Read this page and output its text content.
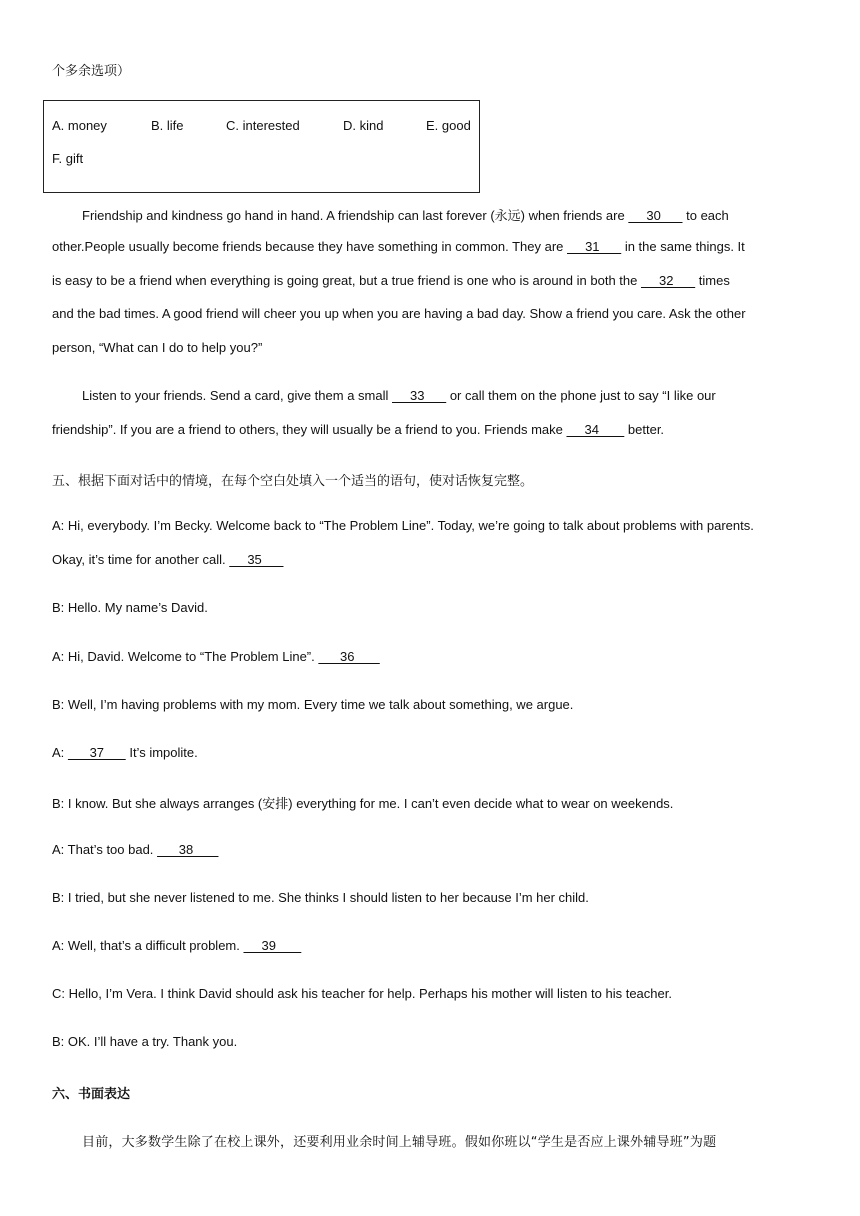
个多余选项）
A. money	B. life	C. interested	D. kind	E. good
F. gift
Friendship and kindness go hand in hand. A friendship can last forever (永远) when friends are      30       to each
other.People usually become friends because they have something in common. They are      31       in the same things. It
is easy to be a friend when everything is going great, but a true friend is one who is around in both the      32       times
and the bad times. A good friend will cheer you up when you are having a bad day. Show a friend you care. Ask the other
person, “What can I do to help you?”
Listen to your friends. Send a card, give them a small      33       or call them on the phone just to say “I like our
friendship”. If you are a friend to others, they will usually be a friend to you. Friends make      34        better.
五、根据下面对话中的情境，在每个空白处填入一个适当的语句，使对话恢复完整。
A: Hi, everybody. I’m Becky. Welcome back to “The Problem Line”. Today, we’re going to talk about problems with parents.
Okay, it’s time for another call.      35
B: Hello. My name’s David.
A: Hi, David. Welcome to “The Problem Line”.       36
B: Well, I’m having problems with my mom. Every time we talk about something, we argue.
A:       37       It’s impolite.
B: I know. But she always arranges (安排) everything for me. I can’t even decide what to wear on weekends.
A: That’s too bad.       38
B: I tried, but she never listened to me. She thinks I should listen to her because I’m her child.
A: Well, that’s a difficult problem.      39
C: Hello, I’m Vera. I think David should ask his teacher for help. Perhaps his mother will listen to his teacher.
B: OK. I’ll have a try. Thank you.
六、书面表达
目前，大多数学生除了在校上课外，还要利用业余时间上辅导班。假如你班以“学生是否应上课外辅导班”为题
